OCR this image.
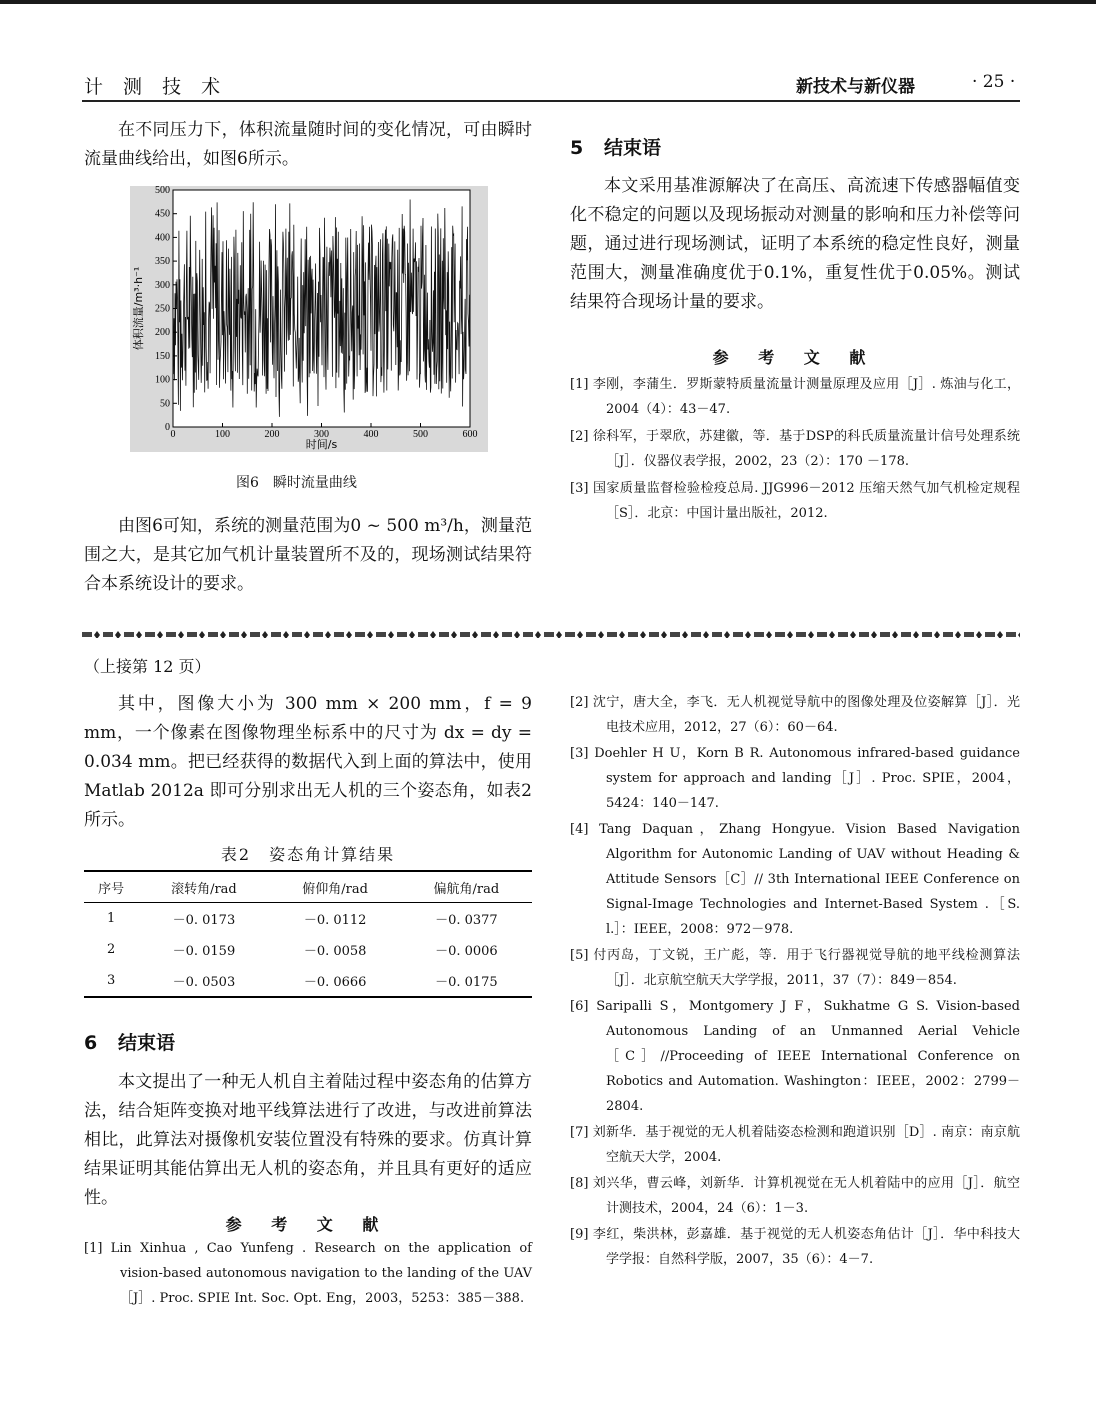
计 测 技 术	新技术与新仪器	· 25 ·

在不同压力下，体积流量随时间的变化情况，可由瞬时流量曲线给出，如图6所示。

0	100	200	300	400	500	600
0
50
100
150
200
250
300
350
400
450
500
时间/s
体积流量/m³·h⁻¹
图6　瞬时流量曲线

由图6可知，系统的测量范围为0 ~ 500 m³/h，测量范围之大，是其它加气机计量装置所不及的，现场测试结果符合本系统设计的要求。

5 结束语

本文采用基准源解决了在高压、高流速下传感器幅值变化不稳定的问题以及现场振动对测量的影响和压力补偿等问题，通过进行现场测试，证明了本系统的稳定性良好，测量范围大，测量准确度优于0.1%，重复性优于0.05%。测试结果符合现场计量的要求。

参 考 文 献

[1] 李刚，李蒲生．罗斯蒙特质量流量计测量原理及应用［J］. 炼油与化工，2004（4）：43－47.

[2] 徐科军，于翠欣，苏建徽，等．基于DSP的科氏质量流量计信号处理系统［J］．仪器仪表学报，2002，23（2）：170 －178.

[3] 国家质量监督检验检疫总局. JJG996－2012 压缩天然气加气机检定规程［S］．北京：中国计量出版社，2012.

（上接第 12 页）

其中，图像大小为 300 mm × 200 mm，f = 9 mm，一个像素在图像物理坐标系中的尺寸为 dx = dy = 0.034 mm。把已经获得的数据代入到上面的算法中，使用Matlab 2012a 即可分别求出无人机的三个姿态角，如表2所示。

表2　姿态角计算结果
序号	滚转角/rad	俯仰角/rad	偏航角/rad
1	－0. 0173	－0. 0112	－0. 0377
2	－0. 0159	－0. 0058	－0. 0006
3	－0. 0503	－0. 0666	－0. 0175
6 结束语

本文提出了一种无人机自主着陆过程中姿态角的估算方法，结合矩阵变换对地平线算法进行了改进，与改进前算法相比，此算法对摄像机安装位置没有特殊的要求。仿真计算结果证明其能估算出无人机的姿态角，并且具有更好的适应性。

参 考 文 献

[1] Lin Xinhua , Cao Yunfeng . Research on the application of vision-based autonomous navigation to the landing of the UAV［J］. Proc. SPIE Int. Soc. Opt. Eng，2003，5253：385－388.

[2] 沈宁，唐大全，李飞．无人机视觉导航中的图像处理及位姿解算［J］．光电技术应用，2012，27（6）：60－64.

[3] Doehler H U，Korn B R. Autonomous infrared-based guidance system for approach and landing［J］. Proc. SPIE，2004，5424：140－147.

[4] Tang Daquan，Zhang Hongyue. Vision Based Navigation Algorithm for Autonomic Landing of UAV without Heading & Attitude Sensors［C］// 3th International IEEE Conference on Signal-Image Technologies and Internet-Based System .［S. l.］：IEEE，2008：972－978.

[5] 付丙岛，丁文锐，王广彪，等．用于飞行器视觉导航的地平线检测算法［J］．北京航空航天大学学报，2011，37（7）：849－854.

[6] Saripalli S，Montgomery J F，Sukhatme G S. Vision-based Autonomous Landing of an Unmanned Aerial Vehicle［C］//Proceeding of IEEE International Conference on Robotics and Automation. Washington：IEEE，2002：2799－2804.

[7] 刘新华．基于视觉的无人机着陆姿态检测和跑道识别［D］. 南京：南京航空航天大学，2004.

[8] 刘兴华，曹云峰，刘新华．计算机视觉在无人机着陆中的应用［J］．航空计测技术，2004，24（6）：1－3.

[9] 李红，柴洪林，彭嘉雄．基于视觉的无人机姿态角估计［J］．华中科技大学学报：自然科学版，2007，35（6）：4－7.
